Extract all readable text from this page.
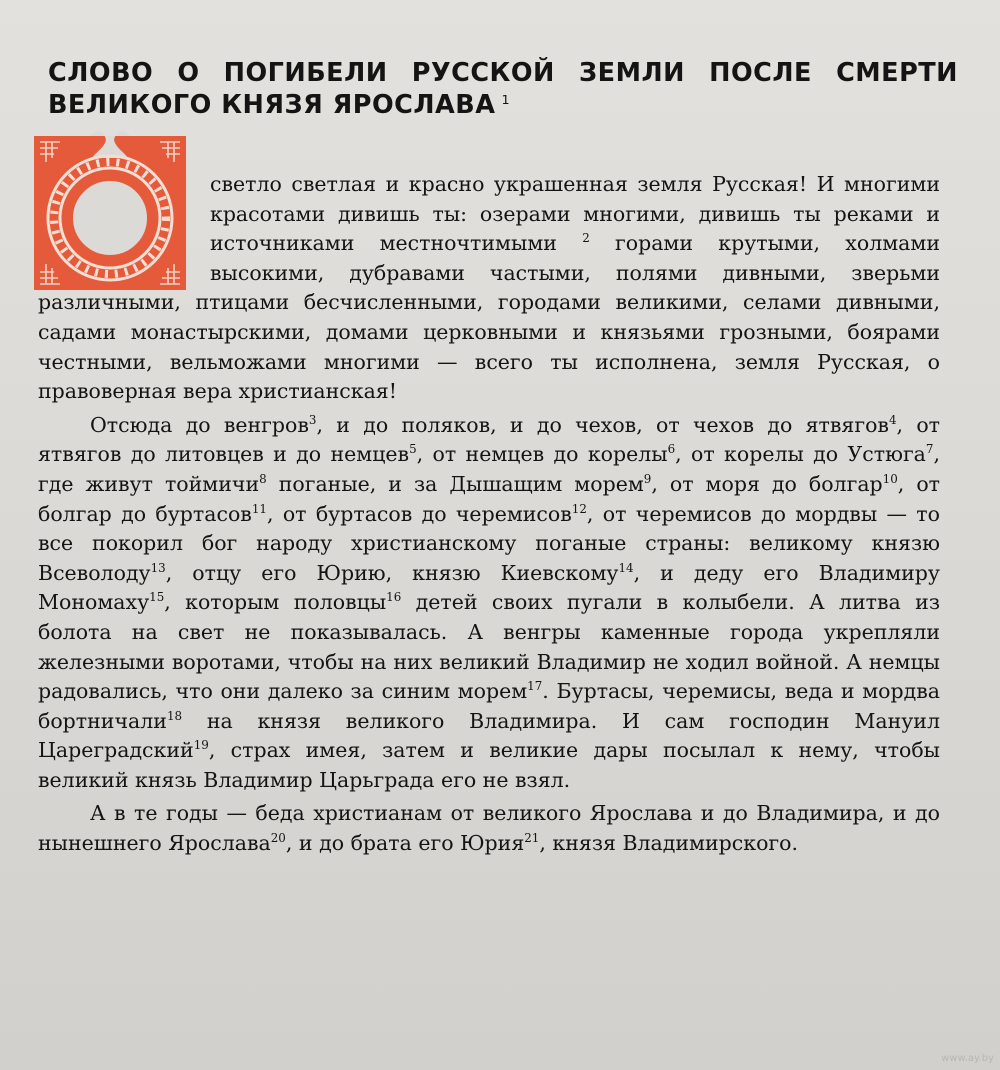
СЛОВО О ПОГИБЕЛИ РУССКОЙ ЗЕМЛИ ПОСЛЕ СМЕРТИ
ВЕЛИКОГО КНЯЗЯ ЯРОСЛАВА $^1$

светло светлая и красно украшенная земля Русская! И многими красотами дивишь ты: озерами многими, дивишь ты реками и источниками местночтимыми $^2$ горами крутыми, холмами высокими, дубравами частыми, полями дивными, зверьми различными, птицами бесчисленными, городами великими, селами дивными, садами монастырскими, домами церковными и князьями грозными, боярами честными, вельможами многими — всего ты исполнена, земля Русская, о правоверная вера христианская!

Отсюда до венгров$^3$, и до поляков, и до чехов, от чехов до ятвягов$^4$, от ятвягов до литовцев и до немцев$^5$, от немцев до корелы$^6$, от корелы до Устюга$^7$, где живут тоймичи$^8$ поганые, и за Дышащим морем$^9$, от моря до болгар$^{10}$, от болгар до буртасов$^{11}$, от буртасов до черемисов$^{12}$, от черемисов до мордвы — то все покорил бог народу христианскому поганые страны: великому князю Всеволоду$^{13}$, отцу его Юрию, князю Киевскому$^{14}$, и деду его Владимиру Мономаху$^{15}$, которым половцы$^{16}$ детей своих пугали в колыбели. А литва из болота на свет не показывалась. А венгры каменные города укрепляли железными воротами, чтобы на них великий Владимир не ходил войной. А немцы радовались, что они далеко за синим морем$^{17}$. Буртасы, черемисы, веда и мордва бортничали$^{18}$ на князя великого Владимира. И сам господин Мануил Цареградский$^{19}$, страх имея, затем и великие дары посылал к нему, чтобы великий князь Владимир Царьграда его не взял.

А в те годы — беда христианам от великого Ярослава и до Владимира, и до нынешнего Ярослава$^{20}$, и до брата его Юрия$^{21}$, князя Владимирского.

www.ay.by
